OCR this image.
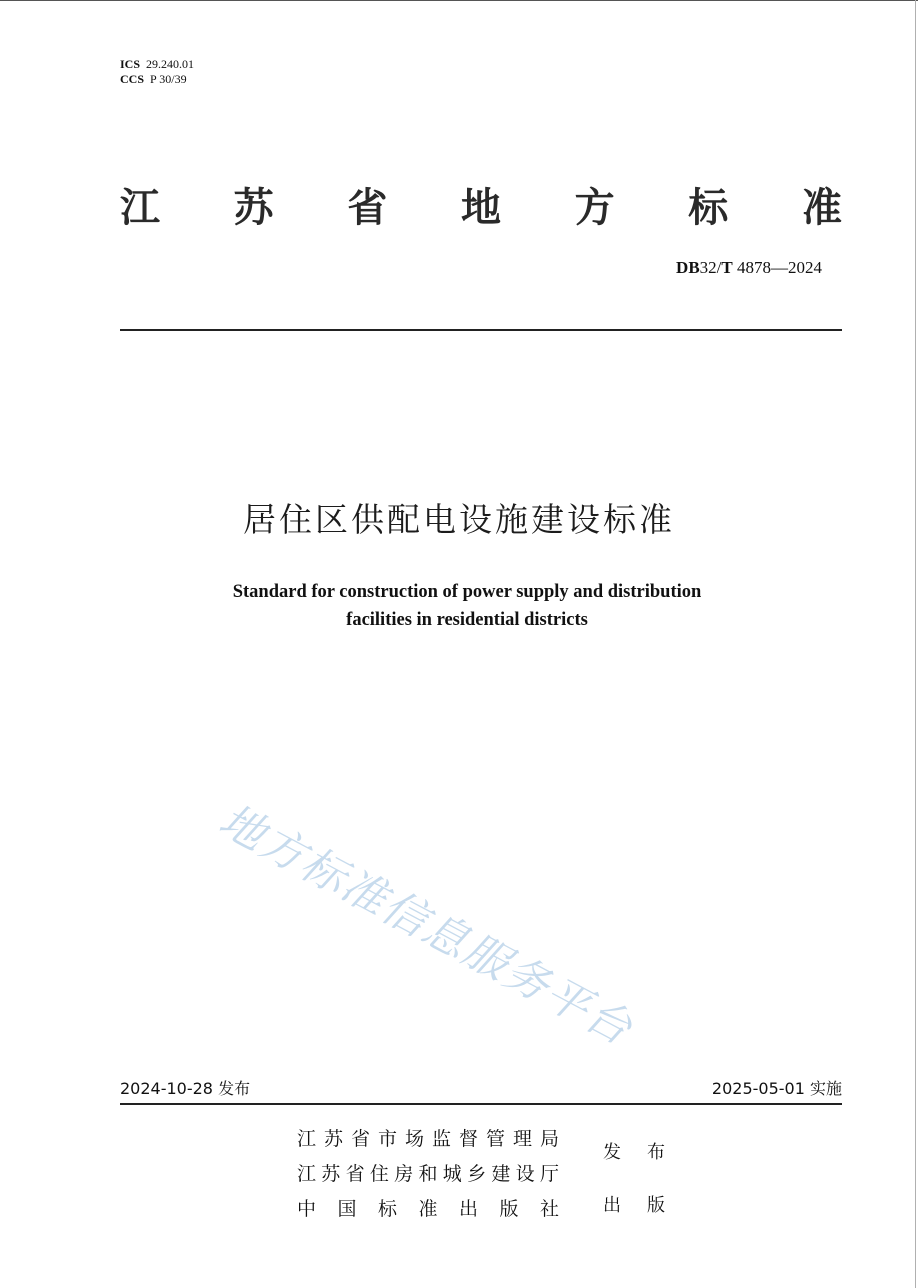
ICS 29.240.01
CCS P 30/39
江 苏 省 地 方 标 准
DB32/T 4878—2024
居住区供配电设施建设标准
Standard for construction of power supply and distribution
facilities in residential districts
地方标准信息服务平台
2024-10-28 发布	2025-05-01 实施
江苏省市场监督管理局
江苏省住房和城乡建设厅
中 国 标 准 出 版 社
发 布
出 版
